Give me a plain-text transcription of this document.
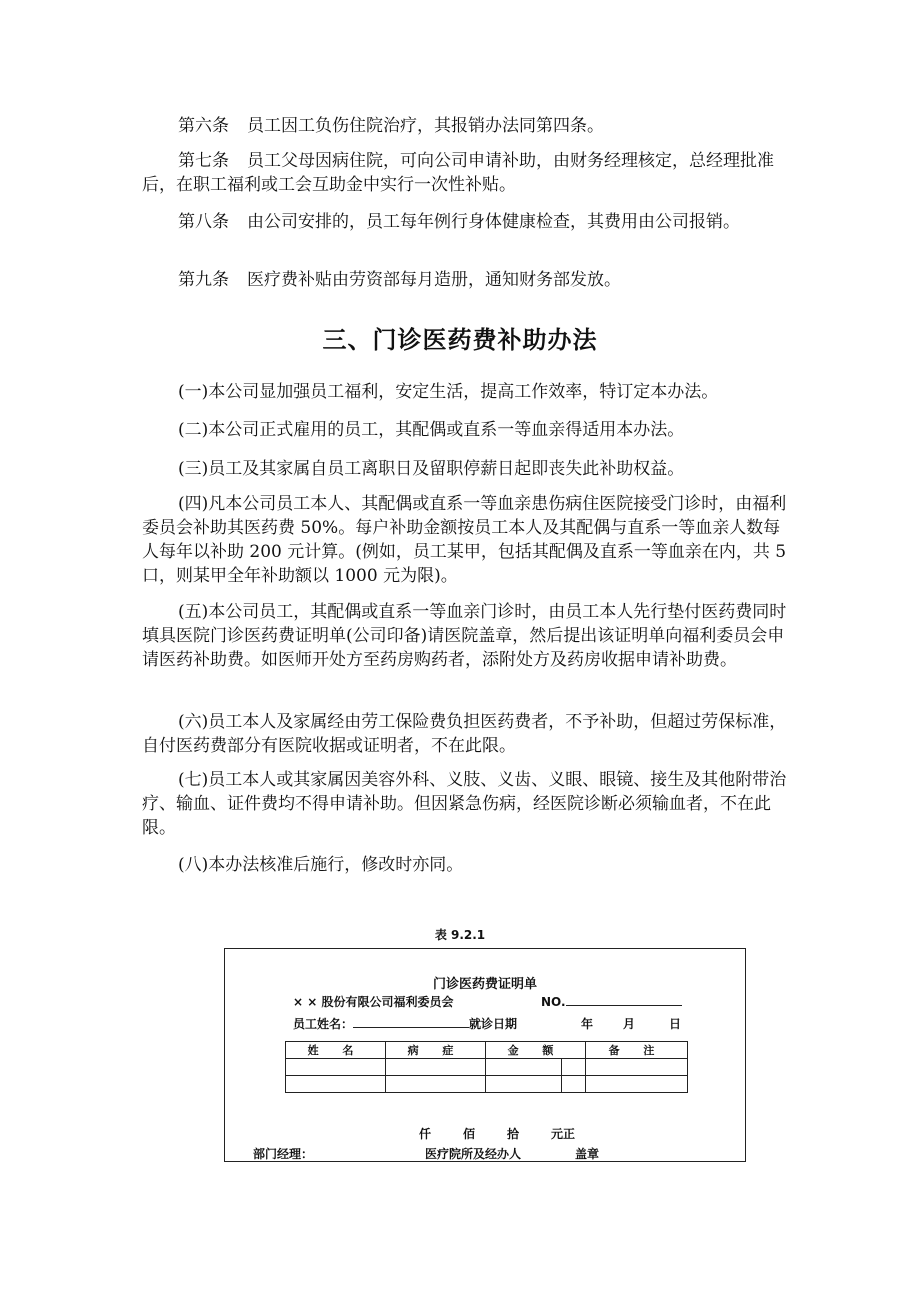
第六条 员工因工负伤住院治疗，其报销办法同第四条。

第七条 员工父母因病住院，可向公司申请补助，由财务经理核定，总经理批准后，在职工福利或工会互助金中实行一次性补贴。

第八条 由公司安排的，员工每年例行身体健康检查，其费用由公司报销。

第九条 医疗费补贴由劳资部每月造册，通知财务部发放。

三、门诊医药费补助办法

(一)本公司显加强员工福利，安定生活，提高工作效率，特订定本办法。

(二)本公司正式雇用的员工，其配偶或直系一等血亲得适用本办法。

(三)员工及其家属自员工离职日及留职停薪日起即丧失此补助权益。

(四)凡本公司员工本人、其配偶或直系一等血亲患伤病住医院接受门诊时，由福利委员会补助其医药费 50%。每户补助金额按员工本人及其配偶与直系一等血亲人数每人每年以补助 200 元计算。(例如，员工某甲，包括其配偶及直系一等血亲在内，共 5 口，则某甲全年补助额以 1000 元为限)。

(五)本公司员工，其配偶或直系一等血亲门诊时，由员工本人先行垫付医药费同时填具医院门诊医药费证明单(公司印备)请医院盖章，然后提出该证明单向福利委员会申请医药补助费。如医师开处方至药房购药者，添附处方及药房收据申请补助费。

(六)员工本人及家属经由劳工保险费负担医药费者，不予补助，但超过劳保标准，自付医药费部分有医院收据或证明者，不在此限。

(七)员工本人或其家属因美容外科、义肢、义齿、义眼、眼镜、接生及其他附带治疗、输血、证件费均不得申请补助。但因紧急伤病，经医院诊断必须输血者，不在此限。

(八)本办法核准后施行，修改时亦同。

表 9.2.1
门诊医药费证明单
× × 股份有限公司福利委员会	NO.
员工姓名：	就诊日期	年 月	日
姓 名	病 症	金 额		备 注

仟	佰	拾	元正
部门经理：	医疗院所及经办人	盖章
